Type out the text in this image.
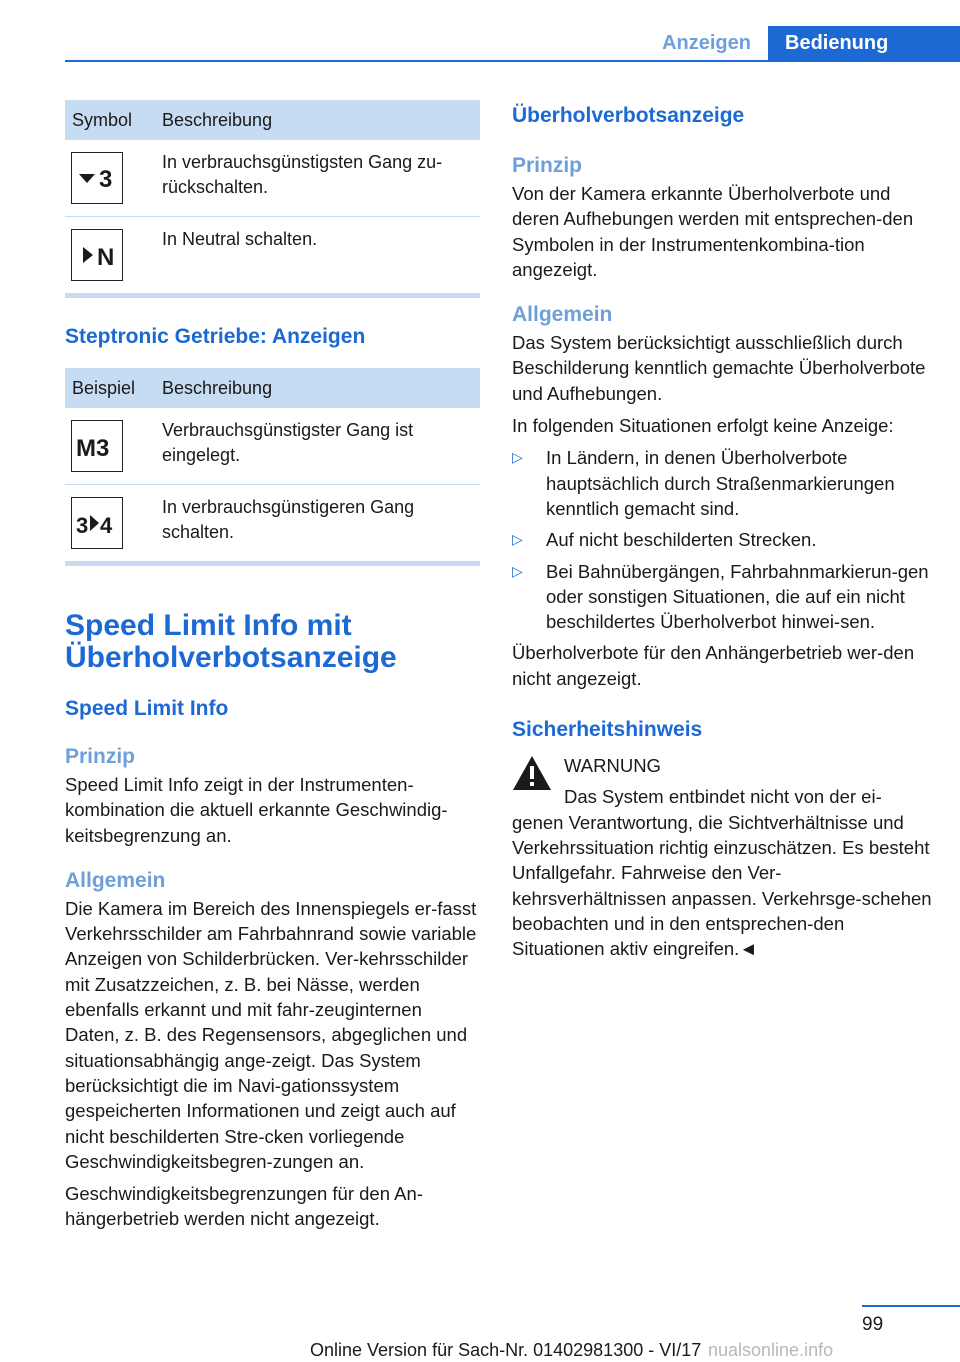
Anzeigen	Bedienung
Symbol	Beschreibung

3	In verbrauchsgünstigsten Gang zu-rückschalten.

N	In Neutral schalten.
Steptronic Getriebe: Anzeigen
Beispiel	Beschreibung

M3	Verbrauchsgünstigster Gang ist eingelegt.

3 4	In verbrauchsgünstigeren Gang schalten.
Speed Limit Info mit Überholverbotsanzeige
Speed Limit Info
Prinzip

Speed Limit Info zeigt in der Instrumenten-kombination die aktuell erkannte Geschwindig-keitsbegrenzung an.

Allgemein

Die Kamera im Bereich des Innenspiegels er-fasst Verkehrsschilder am Fahrbahnrand sowie variable Anzeigen von Schilderbrücken. Ver-kehrsschilder mit Zusatzzeichen, z. B. bei Nässe, werden ebenfalls erkannt und mit fahr-zeuginternen Daten, z. B. des Regensensors, abgeglichen und situationsabhängig ange-zeigt. Das System berücksichtigt die im Navi-gationssystem gespeicherten Informationen und zeigt auch auf nicht beschilderten Stre-cken vorliegende Geschwindigkeitsbegren-zungen an.

Geschwindigkeitsbegrenzungen für den An-hängerbetrieb werden nicht angezeigt.

Überholverbotsanzeige
Prinzip

Von der Kamera erkannte Überholverbote und deren Aufhebungen werden mit entsprechen-den Symbolen in der Instrumentenkombina-tion angezeigt.

Allgemein

Das System berücksichtigt ausschließlich durch Beschilderung kenntlich gemachte Überholverbote und Aufhebungen.

In folgenden Situationen erfolgt keine Anzeige:

▷ In Ländern, in denen Überholverbote hauptsächlich durch Straßenmarkierungen kenntlich gemacht sind.
▷ Auf nicht beschilderten Strecken.
▷ Bei Bahnübergängen, Fahrbahnmarkierun-gen oder sonstigen Situationen, die auf ein nicht beschildertes Überholverbot hinwei-sen.

Überholverbote für den Anhängerbetrieb wer-den nicht angezeigt.

Sicherheitshinweis

WARNUNG

Das System entbindet nicht von der ei-genen Verantwortung, die Sichtverhältnisse und Verkehrssituation richtig einzuschätzen. Es besteht Unfallgefahr. Fahrweise den Ver-kehrsverhältnissen anpassen. Verkehrsge-schehen beobachten und in den entsprechen-den Situationen aktiv eingreifen.◄

99
Online Version für Sach-Nr. 01402981300 - VI/17 nualsonline.info
